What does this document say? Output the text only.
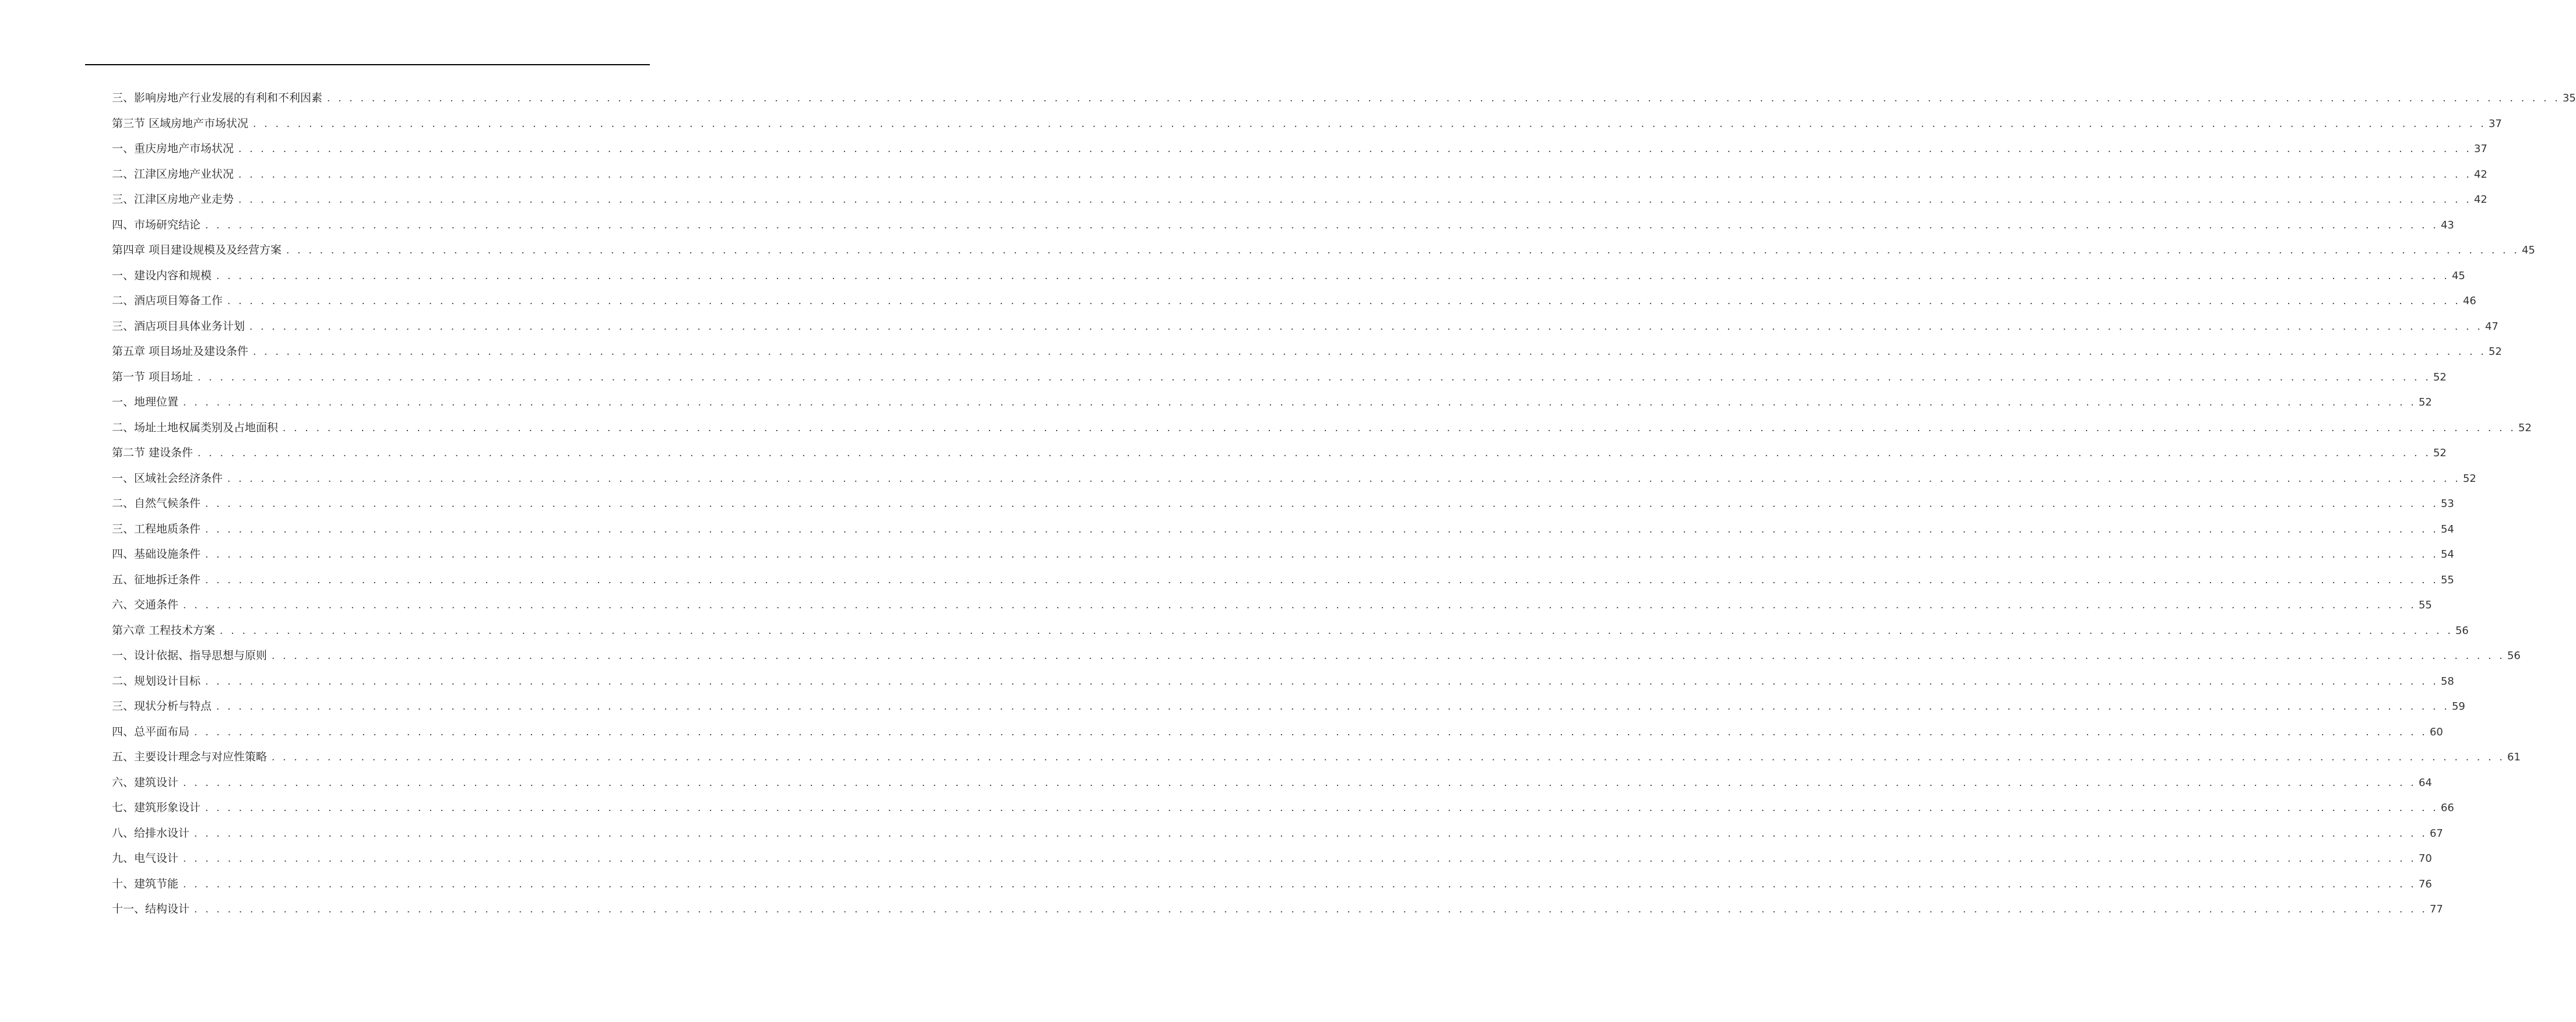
三、影响房地产行业发展的有利和不利因素 . . . . . . . . . . . . . . . . . . . . . . . . . . . . . . . . . . . . . . . . . . . . . . . . . . . . . . . . . . . . . . . . . . . . . . . . . . . . . . . . . . . . . . . . . . . . . . . . . . . . . . . . . . . . . . . . . . . . . . . . . . . . . . . . . . . . . . . . . . . . . . . . . . . . . . . . . . . . . . . . . . . . . . . . . . . . . . . . . . . . . . . . . . . . . . . . . . . . . . . . 35
第三节 区域房地产市场状况 . . . . . . . . . . . . . . . . . . . . . . . . . . . . . . . . . . . . . . . . . . . . . . . . . . . . . . . . . . . . . . . . . . . . . . . . . . . . . . . . . . . . . . . . . . . . . . . . . . . . . . . . . . . . . . . . . . . . . . . . . . . . . . . . . . . . . . . . . . . . . . . . . . . . . . . . . . . . . . . . . . . . . . . . . . . . . . . . . . . . . . . . . . . . . . . . . . . . . . . . 37
一、重庆房地产市场状况 . . . . . . . . . . . . . . . . . . . . . . . . . . . . . . . . . . . . . . . . . . . . . . . . . . . . . . . . . . . . . . . . . . . . . . . . . . . . . . . . . . . . . . . . . . . . . . . . . . . . . . . . . . . . . . . . . . . . . . . . . . . . . . . . . . . . . . . . . . . . . . . . . . . . . . . . . . . . . . . . . . . . . . . . . . . . . . . . . . . . . . . . . . . . . . . . . . . . . . . . 37
二、江津区房地产业状况 . . . . . . . . . . . . . . . . . . . . . . . . . . . . . . . . . . . . . . . . . . . . . . . . . . . . . . . . . . . . . . . . . . . . . . . . . . . . . . . . . . . . . . . . . . . . . . . . . . . . . . . . . . . . . . . . . . . . . . . . . . . . . . . . . . . . . . . . . . . . . . . . . . . . . . . . . . . . . . . . . . . . . . . . . . . . . . . . . . . . . . . . . . . . . . . . . . . . . . . . 42
三、江津区房地产业走势 . . . . . . . . . . . . . . . . . . . . . . . . . . . . . . . . . . . . . . . . . . . . . . . . . . . . . . . . . . . . . . . . . . . . . . . . . . . . . . . . . . . . . . . . . . . . . . . . . . . . . . . . . . . . . . . . . . . . . . . . . . . . . . . . . . . . . . . . . . . . . . . . . . . . . . . . . . . . . . . . . . . . . . . . . . . . . . . . . . . . . . . . . . . . . . . . . . . . . . . . 42
四、市场研究结论 . . . . . . . . . . . . . . . . . . . . . . . . . . . . . . . . . . . . . . . . . . . . . . . . . . . . . . . . . . . . . . . . . . . . . . . . . . . . . . . . . . . . . . . . . . . . . . . . . . . . . . . . . . . . . . . . . . . . . . . . . . . . . . . . . . . . . . . . . . . . . . . . . . . . . . . . . . . . . . . . . . . . . . . . . . . . . . . . . . . . . . . . . . . . . . . . . . . . . . . . 43
第四章 项目建设规模及及经营方案 . . . . . . . . . . . . . . . . . . . . . . . . . . . . . . . . . . . . . . . . . . . . . . . . . . . . . . . . . . . . . . . . . . . . . . . . . . . . . . . . . . . . . . . . . . . . . . . . . . . . . . . . . . . . . . . . . . . . . . . . . . . . . . . . . . . . . . . . . . . . . . . . . . . . . . . . . . . . . . . . . . . . . . . . . . . . . . . . . . . . . . . . . . . . . . . . . . . . . . . . 45
一、建设内容和规模 . . . . . . . . . . . . . . . . . . . . . . . . . . . . . . . . . . . . . . . . . . . . . . . . . . . . . . . . . . . . . . . . . . . . . . . . . . . . . . . . . . . . . . . . . . . . . . . . . . . . . . . . . . . . . . . . . . . . . . . . . . . . . . . . . . . . . . . . . . . . . . . . . . . . . . . . . . . . . . . . . . . . . . . . . . . . . . . . . . . . . . . . . . . . . . . . . . . . . . . . 45
二、酒店项目筹备工作 . . . . . . . . . . . . . . . . . . . . . . . . . . . . . . . . . . . . . . . . . . . . . . . . . . . . . . . . . . . . . . . . . . . . . . . . . . . . . . . . . . . . . . . . . . . . . . . . . . . . . . . . . . . . . . . . . . . . . . . . . . . . . . . . . . . . . . . . . . . . . . . . . . . . . . . . . . . . . . . . . . . . . . . . . . . . . . . . . . . . . . . . . . . . . . . . . . . . . . . . 46
三、酒店项目具体业务计划 . . . . . . . . . . . . . . . . . . . . . . . . . . . . . . . . . . . . . . . . . . . . . . . . . . . . . . . . . . . . . . . . . . . . . . . . . . . . . . . . . . . . . . . . . . . . . . . . . . . . . . . . . . . . . . . . . . . . . . . . . . . . . . . . . . . . . . . . . . . . . . . . . . . . . . . . . . . . . . . . . . . . . . . . . . . . . . . . . . . . . . . . . . . . . . . . . . . . . . . . 47
第五章 项目场址及建设条件 . . . . . . . . . . . . . . . . . . . . . . . . . . . . . . . . . . . . . . . . . . . . . . . . . . . . . . . . . . . . . . . . . . . . . . . . . . . . . . . . . . . . . . . . . . . . . . . . . . . . . . . . . . . . . . . . . . . . . . . . . . . . . . . . . . . . . . . . . . . . . . . . . . . . . . . . . . . . . . . . . . . . . . . . . . . . . . . . . . . . . . . . . . . . . . . . . . . . . . . . 52
第一节 项目场址 . . . . . . . . . . . . . . . . . . . . . . . . . . . . . . . . . . . . . . . . . . . . . . . . . . . . . . . . . . . . . . . . . . . . . . . . . . . . . . . . . . . . . . . . . . . . . . . . . . . . . . . . . . . . . . . . . . . . . . . . . . . . . . . . . . . . . . . . . . . . . . . . . . . . . . . . . . . . . . . . . . . . . . . . . . . . . . . . . . . . . . . . . . . . . . . . . . . . . . . . 52
一、地理位置 . . . . . . . . . . . . . . . . . . . . . . . . . . . . . . . . . . . . . . . . . . . . . . . . . . . . . . . . . . . . . . . . . . . . . . . . . . . . . . . . . . . . . . . . . . . . . . . . . . . . . . . . . . . . . . . . . . . . . . . . . . . . . . . . . . . . . . . . . . . . . . . . . . . . . . . . . . . . . . . . . . . . . . . . . . . . . . . . . . . . . . . . . . . . . . . . . . . . . . . . 52
二、场址土地权属类别及占地面积 . . . . . . . . . . . . . . . . . . . . . . . . . . . . . . . . . . . . . . . . . . . . . . . . . . . . . . . . . . . . . . . . . . . . . . . . . . . . . . . . . . . . . . . . . . . . . . . . . . . . . . . . . . . . . . . . . . . . . . . . . . . . . . . . . . . . . . . . . . . . . . . . . . . . . . . . . . . . . . . . . . . . . . . . . . . . . . . . . . . . . . . . . . . . . . . . . . . . . . . . 52
第二节 建设条件 . . . . . . . . . . . . . . . . . . . . . . . . . . . . . . . . . . . . . . . . . . . . . . . . . . . . . . . . . . . . . . . . . . . . . . . . . . . . . . . . . . . . . . . . . . . . . . . . . . . . . . . . . . . . . . . . . . . . . . . . . . . . . . . . . . . . . . . . . . . . . . . . . . . . . . . . . . . . . . . . . . . . . . . . . . . . . . . . . . . . . . . . . . . . . . . . . . . . . . . . 52
一、区域社会经济条件 . . . . . . . . . . . . . . . . . . . . . . . . . . . . . . . . . . . . . . . . . . . . . . . . . . . . . . . . . . . . . . . . . . . . . . . . . . . . . . . . . . . . . . . . . . . . . . . . . . . . . . . . . . . . . . . . . . . . . . . . . . . . . . . . . . . . . . . . . . . . . . . . . . . . . . . . . . . . . . . . . . . . . . . . . . . . . . . . . . . . . . . . . . . . . . . . . . . . . . . . 52
二、自然气候条件 . . . . . . . . . . . . . . . . . . . . . . . . . . . . . . . . . . . . . . . . . . . . . . . . . . . . . . . . . . . . . . . . . . . . . . . . . . . . . . . . . . . . . . . . . . . . . . . . . . . . . . . . . . . . . . . . . . . . . . . . . . . . . . . . . . . . . . . . . . . . . . . . . . . . . . . . . . . . . . . . . . . . . . . . . . . . . . . . . . . . . . . . . . . . . . . . . . . . . . . . 53
三、工程地质条件 . . . . . . . . . . . . . . . . . . . . . . . . . . . . . . . . . . . . . . . . . . . . . . . . . . . . . . . . . . . . . . . . . . . . . . . . . . . . . . . . . . . . . . . . . . . . . . . . . . . . . . . . . . . . . . . . . . . . . . . . . . . . . . . . . . . . . . . . . . . . . . . . . . . . . . . . . . . . . . . . . . . . . . . . . . . . . . . . . . . . . . . . . . . . . . . . . . . . . . . . 54
四、基础设施条件 . . . . . . . . . . . . . . . . . . . . . . . . . . . . . . . . . . . . . . . . . . . . . . . . . . . . . . . . . . . . . . . . . . . . . . . . . . . . . . . . . . . . . . . . . . . . . . . . . . . . . . . . . . . . . . . . . . . . . . . . . . . . . . . . . . . . . . . . . . . . . . . . . . . . . . . . . . . . . . . . . . . . . . . . . . . . . . . . . . . . . . . . . . . . . . . . . . . . . . . . 54
五、征地拆迁条件 . . . . . . . . . . . . . . . . . . . . . . . . . . . . . . . . . . . . . . . . . . . . . . . . . . . . . . . . . . . . . . . . . . . . . . . . . . . . . . . . . . . . . . . . . . . . . . . . . . . . . . . . . . . . . . . . . . . . . . . . . . . . . . . . . . . . . . . . . . . . . . . . . . . . . . . . . . . . . . . . . . . . . . . . . . . . . . . . . . . . . . . . . . . . . . . . . . . . . . . . 55
六、交通条件 . . . . . . . . . . . . . . . . . . . . . . . . . . . . . . . . . . . . . . . . . . . . . . . . . . . . . . . . . . . . . . . . . . . . . . . . . . . . . . . . . . . . . . . . . . . . . . . . . . . . . . . . . . . . . . . . . . . . . . . . . . . . . . . . . . . . . . . . . . . . . . . . . . . . . . . . . . . . . . . . . . . . . . . . . . . . . . . . . . . . . . . . . . . . . . . . . . . . . . . . 55
第六章 工程技术方案 . . . . . . . . . . . . . . . . . . . . . . . . . . . . . . . . . . . . . . . . . . . . . . . . . . . . . . . . . . . . . . . . . . . . . . . . . . . . . . . . . . . . . . . . . . . . . . . . . . . . . . . . . . . . . . . . . . . . . . . . . . . . . . . . . . . . . . . . . . . . . . . . . . . . . . . . . . . . . . . . . . . . . . . . . . . . . . . . . . . . . . . . . . . . . . . . . . . . . . . . 56
一、设计依据、指导思想与原则 . . . . . . . . . . . . . . . . . . . . . . . . . . . . . . . . . . . . . . . . . . . . . . . . . . . . . . . . . . . . . . . . . . . . . . . . . . . . . . . . . . . . . . . . . . . . . . . . . . . . . . . . . . . . . . . . . . . . . . . . . . . . . . . . . . . . . . . . . . . . . . . . . . . . . . . . . . . . . . . . . . . . . . . . . . . . . . . . . . . . . . . . . . . . . . . . . . . . . . . . 56
二、规划设计目标 . . . . . . . . . . . . . . . . . . . . . . . . . . . . . . . . . . . . . . . . . . . . . . . . . . . . . . . . . . . . . . . . . . . . . . . . . . . . . . . . . . . . . . . . . . . . . . . . . . . . . . . . . . . . . . . . . . . . . . . . . . . . . . . . . . . . . . . . . . . . . . . . . . . . . . . . . . . . . . . . . . . . . . . . . . . . . . . . . . . . . . . . . . . . . . . . . . . . . . . . 58
三、现状分析与特点 . . . . . . . . . . . . . . . . . . . . . . . . . . . . . . . . . . . . . . . . . . . . . . . . . . . . . . . . . . . . . . . . . . . . . . . . . . . . . . . . . . . . . . . . . . . . . . . . . . . . . . . . . . . . . . . . . . . . . . . . . . . . . . . . . . . . . . . . . . . . . . . . . . . . . . . . . . . . . . . . . . . . . . . . . . . . . . . . . . . . . . . . . . . . . . . . . . . . . . . . 59
四、总平面布局 . . . . . . . . . . . . . . . . . . . . . . . . . . . . . . . . . . . . . . . . . . . . . . . . . . . . . . . . . . . . . . . . . . . . . . . . . . . . . . . . . . . . . . . . . . . . . . . . . . . . . . . . . . . . . . . . . . . . . . . . . . . . . . . . . . . . . . . . . . . . . . . . . . . . . . . . . . . . . . . . . . . . . . . . . . . . . . . . . . . . . . . . . . . . . . . . . . . . . . . . 60
五、主要设计理念与对应性策略 . . . . . . . . . . . . . . . . . . . . . . . . . . . . . . . . . . . . . . . . . . . . . . . . . . . . . . . . . . . . . . . . . . . . . . . . . . . . . . . . . . . . . . . . . . . . . . . . . . . . . . . . . . . . . . . . . . . . . . . . . . . . . . . . . . . . . . . . . . . . . . . . . . . . . . . . . . . . . . . . . . . . . . . . . . . . . . . . . . . . . . . . . . . . . . . . . . . . . . . . 61
六、建筑设计 . . . . . . . . . . . . . . . . . . . . . . . . . . . . . . . . . . . . . . . . . . . . . . . . . . . . . . . . . . . . . . . . . . . . . . . . . . . . . . . . . . . . . . . . . . . . . . . . . . . . . . . . . . . . . . . . . . . . . . . . . . . . . . . . . . . . . . . . . . . . . . . . . . . . . . . . . . . . . . . . . . . . . . . . . . . . . . . . . . . . . . . . . . . . . . . . . . . . . . . . 64
七、建筑形象设计 . . . . . . . . . . . . . . . . . . . . . . . . . . . . . . . . . . . . . . . . . . . . . . . . . . . . . . . . . . . . . . . . . . . . . . . . . . . . . . . . . . . . . . . . . . . . . . . . . . . . . . . . . . . . . . . . . . . . . . . . . . . . . . . . . . . . . . . . . . . . . . . . . . . . . . . . . . . . . . . . . . . . . . . . . . . . . . . . . . . . . . . . . . . . . . . . . . . . . . . . 66
八、给排水设计 . . . . . . . . . . . . . . . . . . . . . . . . . . . . . . . . . . . . . . . . . . . . . . . . . . . . . . . . . . . . . . . . . . . . . . . . . . . . . . . . . . . . . . . . . . . . . . . . . . . . . . . . . . . . . . . . . . . . . . . . . . . . . . . . . . . . . . . . . . . . . . . . . . . . . . . . . . . . . . . . . . . . . . . . . . . . . . . . . . . . . . . . . . . . . . . . . . . . . . . . 67
九、电气设计 . . . . . . . . . . . . . . . . . . . . . . . . . . . . . . . . . . . . . . . . . . . . . . . . . . . . . . . . . . . . . . . . . . . . . . . . . . . . . . . . . . . . . . . . . . . . . . . . . . . . . . . . . . . . . . . . . . . . . . . . . . . . . . . . . . . . . . . . . . . . . . . . . . . . . . . . . . . . . . . . . . . . . . . . . . . . . . . . . . . . . . . . . . . . . . . . . . . . . . . . 70
十、建筑节能 . . . . . . . . . . . . . . . . . . . . . . . . . . . . . . . . . . . . . . . . . . . . . . . . . . . . . . . . . . . . . . . . . . . . . . . . . . . . . . . . . . . . . . . . . . . . . . . . . . . . . . . . . . . . . . . . . . . . . . . . . . . . . . . . . . . . . . . . . . . . . . . . . . . . . . . . . . . . . . . . . . . . . . . . . . . . . . . . . . . . . . . . . . . . . . . . . . . . . . . . 76
十一、结构设计 . . . . . . . . . . . . . . . . . . . . . . . . . . . . . . . . . . . . . . . . . . . . . . . . . . . . . . . . . . . . . . . . . . . . . . . . . . . . . . . . . . . . . . . . . . . . . . . . . . . . . . . . . . . . . . . . . . . . . . . . . . . . . . . . . . . . . . . . . . . . . . . . . . . . . . . . . . . . . . . . . . . . . . . . . . . . . . . . . . . . . . . . . . . . . . . . . . . . . . . . 77
